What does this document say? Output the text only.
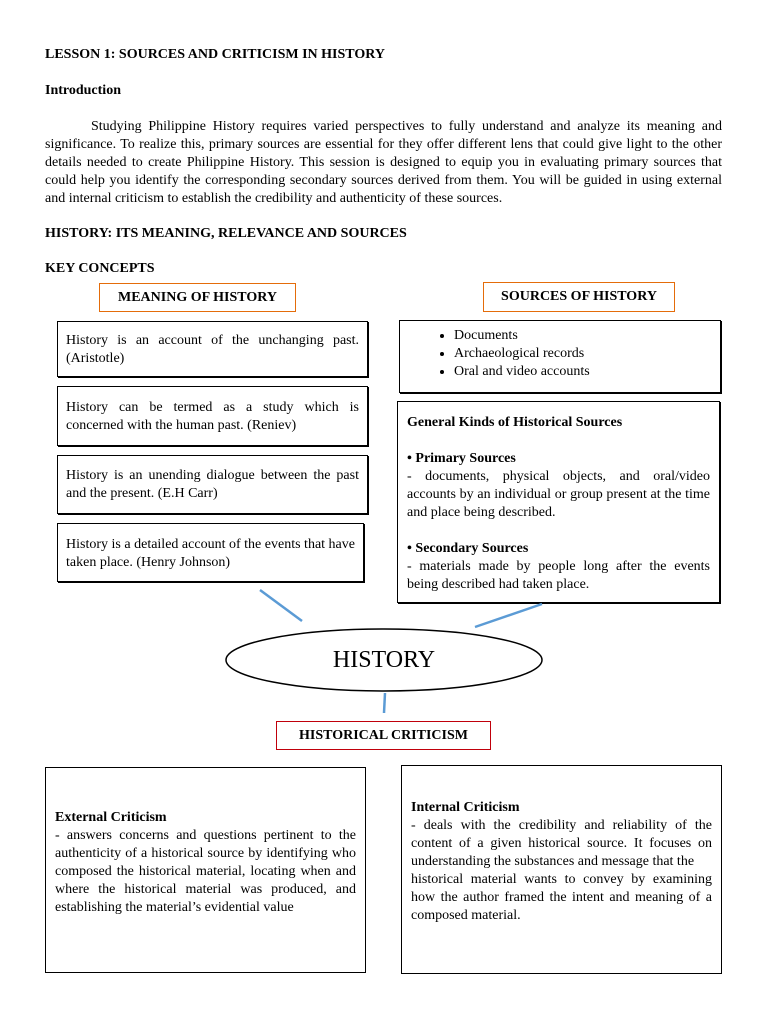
LESSON 1: SOURCES AND CRITICISM IN HISTORY
Introduction
Studying Philippine History requires varied perspectives to fully understand and analyze its meaning and significance. To realize this, primary sources are essential for they offer different lens that could give light to the other details needed to create Philippine History. This session is designed to equip you in evaluating primary sources that could help you identify the corresponding secondary sources derived from them. You will be guided in using external and internal criticism to establish the credibility and authenticity of these sources.
HISTORY: ITS MEANING, RELEVANCE AND SOURCES
KEY CONCEPTS
MEANING OF HISTORY
History is an account of the unchanging past. (Aristotle)
History can be termed as a study which is concerned with the human past. (Reniev)
History is an unending dialogue between the past and the present. (E.H Carr)
History is a detailed account of the events that have taken place. (Henry Johnson)
SOURCES OF HISTORY
• Documents
• Archaeological records
• Oral and video accounts
General Kinds of Historical Sources
• Primary Sources
- documents, physical objects, and oral/video accounts by an individual or group present at the time and place being described.
• Secondary Sources
- materials made by people long after the events being described had taken place.
HISTORY
HISTORICAL CRITICISM
External Criticism
- answers concerns and questions pertinent to the authenticity of a historical source by identifying who composed the historical material, locating when and where the historical material was produced, and establishing the material’s evidential value
Internal Criticism
- deals with the credibility and reliability of the content of a given historical source. It focuses on understanding the substances and message that the
historical material wants to convey by examining how the author framed the intent and meaning of a composed material.
